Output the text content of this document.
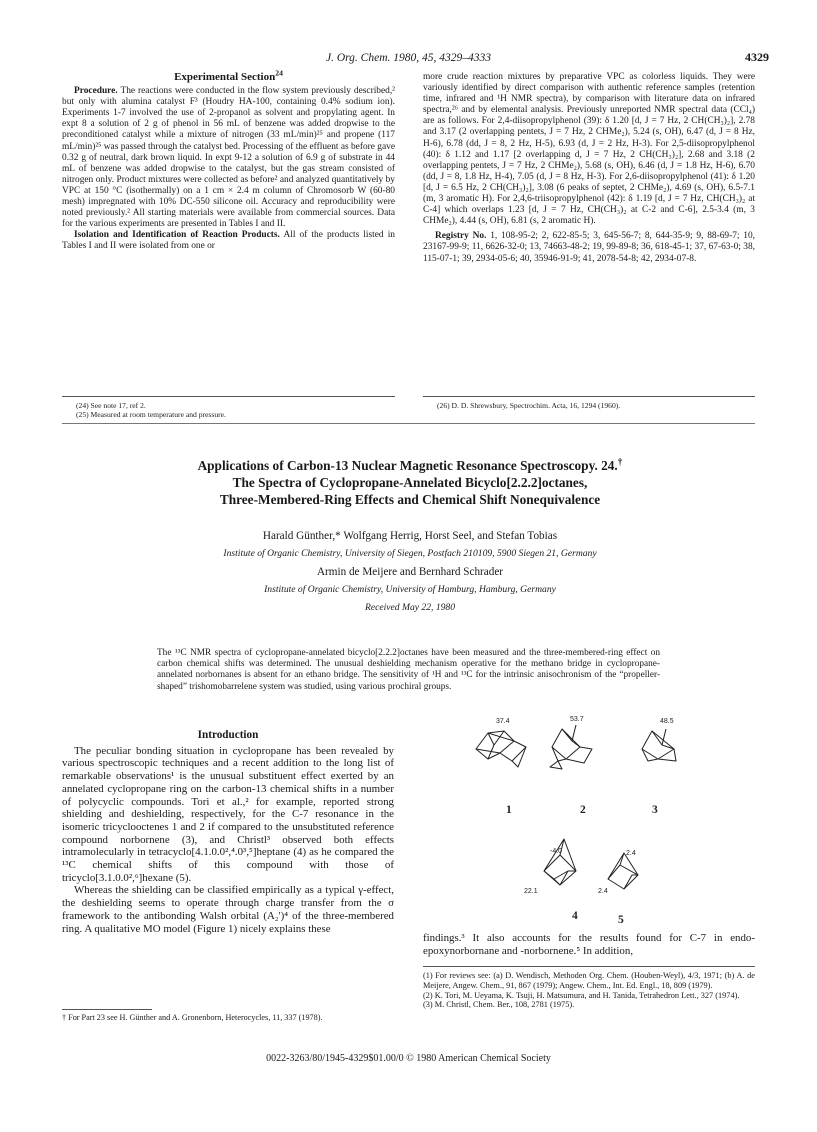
J. Org. Chem. 1980, 45, 4329–4333	4329
Experimental Section$^{24}$

Procedure. The reactions were conducted in the flow system previously described,² but only with alumina catalyst F³ (Houdry HA-100, containing 0.4% sodium ion). Experiments 1-7 involved the use of 2-propanol as solvent and propylating agent. In expt 8 a solution of 2 g of phenol in 56 mL of benzene was added dropwise to the preconditioned catalyst while a mixture of nitrogen (33 mL/min)²⁵ and propene (117 mL/min)²⁵ was passed through the catalyst bed. Processing of the effluent as before gave 0.32 g of neutral, dark brown liquid. In expt 9-12 a solution of 6.9 g of substrate in 44 mL of benzene was added dropwise to the catalyst, but the gas stream consisted of nitrogen only. Product mixtures were collected as before² and analyzed quantitatively by VPC at 150 °C (isothermally) on a 1 cm × 2.4 m column of Chromosorb W (60-80 mesh) impregnated with 10% DC-550 silicone oil. Accuracy and reproducibility were noted previously.² All starting materials were available from commercial sources. Data for the various experiments are presented in Tables I and II.

Isolation and Identification of Reaction Products. All of the products listed in Tables I and II were isolated from one or

more crude reaction mixtures by preparative VPC as colorless liquids. They were variously identified by direct comparison with authentic reference samples (retention time, infrared and ¹H NMR spectra), by comparison with literature data on infrared spectra,²⁶ and by elemental analysis. Previously unreported NMR spectral data (CCl₄) are as follows. For 2,4-diisopropylphenol (39): δ 1.20 [d, J = 7 Hz, 2 CH(CH₃)₂], 2.78 and 3.17 (2 overlapping pentets, J = 7 Hz, 2 CHMe₂), 5.24 (s, OH), 6.47 (d, J = 8 Hz, H-6), 6.78 (dd, J = 8, 2 Hz, H-5), 6.93 (d, J = 2 Hz, H-3). For 2,5-diisopropylphenol (40): δ 1.12 and 1.17 [2 overlapping d, J = 7 Hz, 2 CH(CH₃)₂], 2.68 and 3.18 (2 overlapping pentets, J = 7 Hz, 2 CHMe₂), 5.68 (s, OH), 6.46 (d, J = 1.8 Hz, H-6), 6.70 (dd, J = 8, 1.8 Hz, H-4), 7.05 (d, J = 8 Hz, H-3). For 2,6-diisopropylphenol (41): δ 1.20 [d, J = 6.5 Hz, 2 CH(CH₃)₂], 3.08 (6 peaks of septet, 2 CHMe₂), 4.69 (s, OH), 6.5-7.1 (m, 3 aromatic H). For 2,4,6-triisopropylphenol (42): δ 1.19 [d, J = 7 Hz, CH(CH₃)₂ at C-4] which overlaps 1.23 [d, J = 7 Hz, CH(CH₃)₂ at C-2 and C-6], 2.5-3.4 (m, 3 CHMe₂), 4.44 (s, OH), 6.81 (s, 2 aromatic H).

Registry No. 1, 108-95-2; 2, 622-85-5; 3, 645-56-7; 8, 644-35-9; 9, 88-69-7; 10, 23167-99-9; 11, 6626-32-0; 13, 74663-48-2; 19, 99-89-8; 36, 618-45-1; 37, 67-63-0; 38, 115-07-1; 39, 2934-05-6; 40, 35946-91-9; 41, 2078-54-8; 42, 2934-07-8.

(24) See note 17, ref 2.
(25) Measured at room temperature and pressure.
(26) D. D. Shrewsbury, Spectrochim. Acta, 16, 1294 (1960).
Applications of Carbon-13 Nuclear Magnetic Resonance Spectroscopy. 24.†
The Spectra of Cyclopropane-Annelated Bicyclo[2.2.2]octanes,
Three-Membered-Ring Effects and Chemical Shift Nonequivalence
Harald Günther,* Wolfgang Herrig, Horst Seel, and Stefan Tobias
Institute of Organic Chemistry, University of Siegen, Postfach 210109, 5900 Siegen 21, Germany
Armin de Meijere and Bernhard Schrader
Institute of Organic Chemistry, University of Hamburg, Hamburg, Germany
Received May 22, 1980
The ¹³C NMR spectra of cyclopropane-annelated bicyclo[2.2.2]octanes have been measured and the three-membered-ring effect on carbon chemical shifts was determined. The unusual deshielding mechanism operative for the methano bridge in cyclopropane-annelated norbornanes is absent for an ethano bridge. The sensitivity of ¹H and ¹³C for the intrinsic anisochronism of the “propeller-shaped” trishomobarrelene system was studied, using various prochiral groups.
Introduction

The peculiar bonding situation in cyclopropane has been revealed by various spectroscopic techniques and a recent addition to the long list of remarkable observations¹ is the unusual substituent effect exerted by an annelated cyclopropane ring on the carbon-13 chemical shifts in a number of polycyclic compounds. Tori et al.,² for example, reported strong shielding and deshielding, respectively, for the C-7 resonance in the isomeric tricyclooctenes 1 and 2 if compared to the unsubstituted reference compound norbornene (3), and Christl³ observed both effects intramolecularly in tetracyclo[4.1.0.0²,⁴.0³,⁵]heptane (4) as he compared the ¹³C chemical shifts of this compound with those of tricyclo[3.1.0.0²,⁶]hexane (5).

Whereas the shielding can be classified empirically as a typical γ-effect, the deshielding seems to operate through charge transfer from the σ framework to the antibonding Walsh orbital (A₂')⁴ of the three-membered ring. A qualitative MO model (Figure 1) nicely explains these

† For Part 23 see H. Günther and A. Gronenborn, Heterocycles, 11, 337 (1978).
37.4	53.7	48.5
1	2	3
-4.0
22.1
2.4
2.4
4	5

findings.³ It also accounts for the results found for C-7 in endo-epoxynorbornane and -norbornene.⁵ In addition,

(1) For reviews see: (a) D. Wendisch, Methoden Org. Chem. (Houben-Weyl), 4/3, 1971; (b) A. de Meijere, Angew. Chem., 91, 867 (1979); Angew. Chem., Int. Ed. Engl., 18, 809 (1979).
(2) K. Tori, M. Ueyama, K. Tsuji, H. Matsumura, and H. Tanida, Tetrahedron Lett., 327 (1974).
(3) M. Christl, Chem. Ber., 108, 2781 (1975).
0022-3263/80/1945-4329$01.00/0 © 1980 American Chemical Society
